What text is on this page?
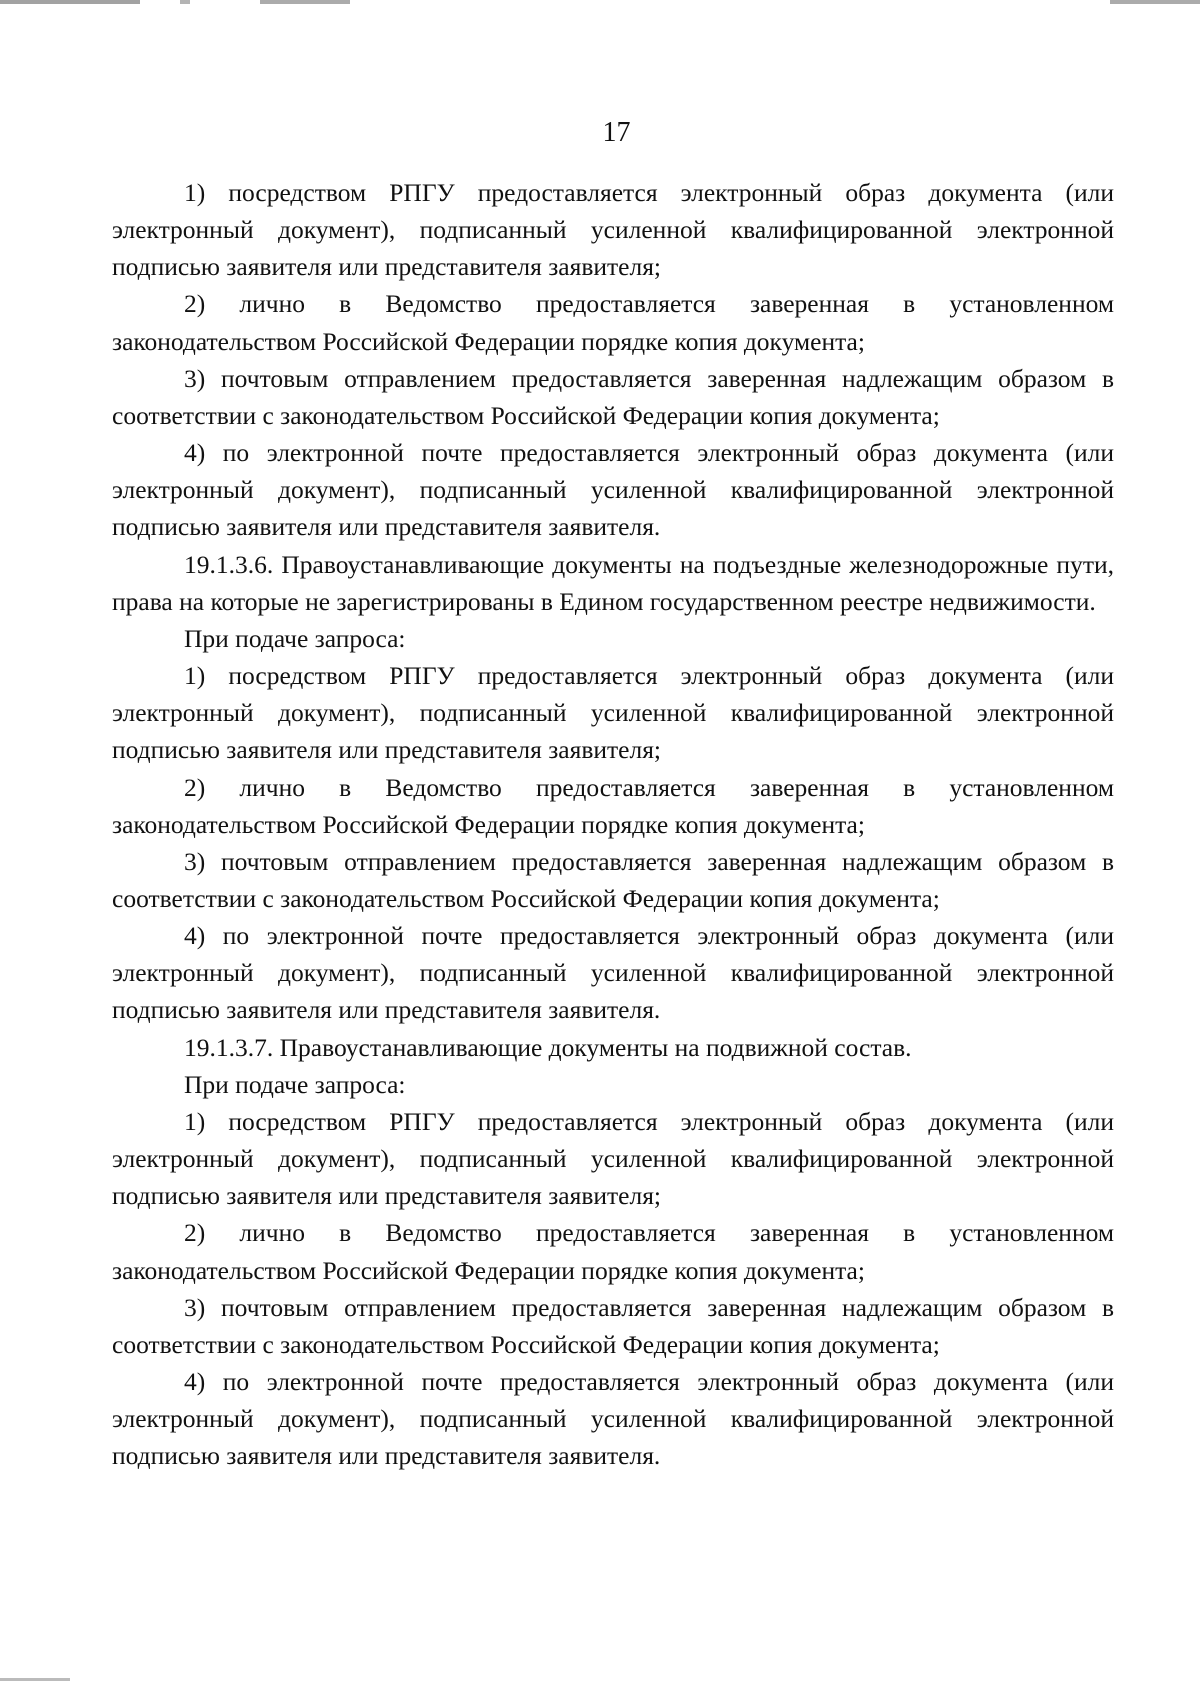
17

1) посредством РПГУ предоставляется электронный образ документа (или электронный документ), подписанный усиленной квалифицированной электронной подписью заявителя или представителя заявителя;

2) лично в Ведомство предоставляется заверенная в установленном законодательством Российской Федерации порядке копия документа;

3) почтовым отправлением предоставляется заверенная надлежащим образом в соответствии с законодательством Российской Федерации копия документа;

4) по электронной почте предоставляется электронный образ документа (или электронный документ), подписанный усиленной квалифицированной электронной подписью заявителя или представителя заявителя.

19.1.3.6. Правоустанавливающие документы на подъездные железнодорожные пути, права на которые не зарегистрированы в Едином государственном реестре недвижимости.

При подаче запроса:

1) посредством РПГУ предоставляется электронный образ документа (или электронный документ), подписанный усиленной квалифицированной электронной подписью заявителя или представителя заявителя;

2) лично в Ведомство предоставляется заверенная в установленном законодательством Российской Федерации порядке копия документа;

3) почтовым отправлением предоставляется заверенная надлежащим образом в соответствии с законодательством Российской Федерации копия документа;

4) по электронной почте предоставляется электронный образ документа (или электронный документ), подписанный усиленной квалифицированной электронной подписью заявителя или представителя заявителя.

19.1.3.7. Правоустанавливающие документы на подвижной состав.

При подаче запроса:

1) посредством РПГУ предоставляется электронный образ документа (или электронный документ), подписанный усиленной квалифицированной электронной подписью заявителя или представителя заявителя;

2) лично в Ведомство предоставляется заверенная в установленном законодательством Российской Федерации порядке копия документа;

3) почтовым отправлением предоставляется заверенная надлежащим образом в соответствии с законодательством Российской Федерации копия документа;

4) по электронной почте предоставляется электронный образ документа (или электронный документ), подписанный усиленной квалифицированной электронной подписью заявителя или представителя заявителя.
